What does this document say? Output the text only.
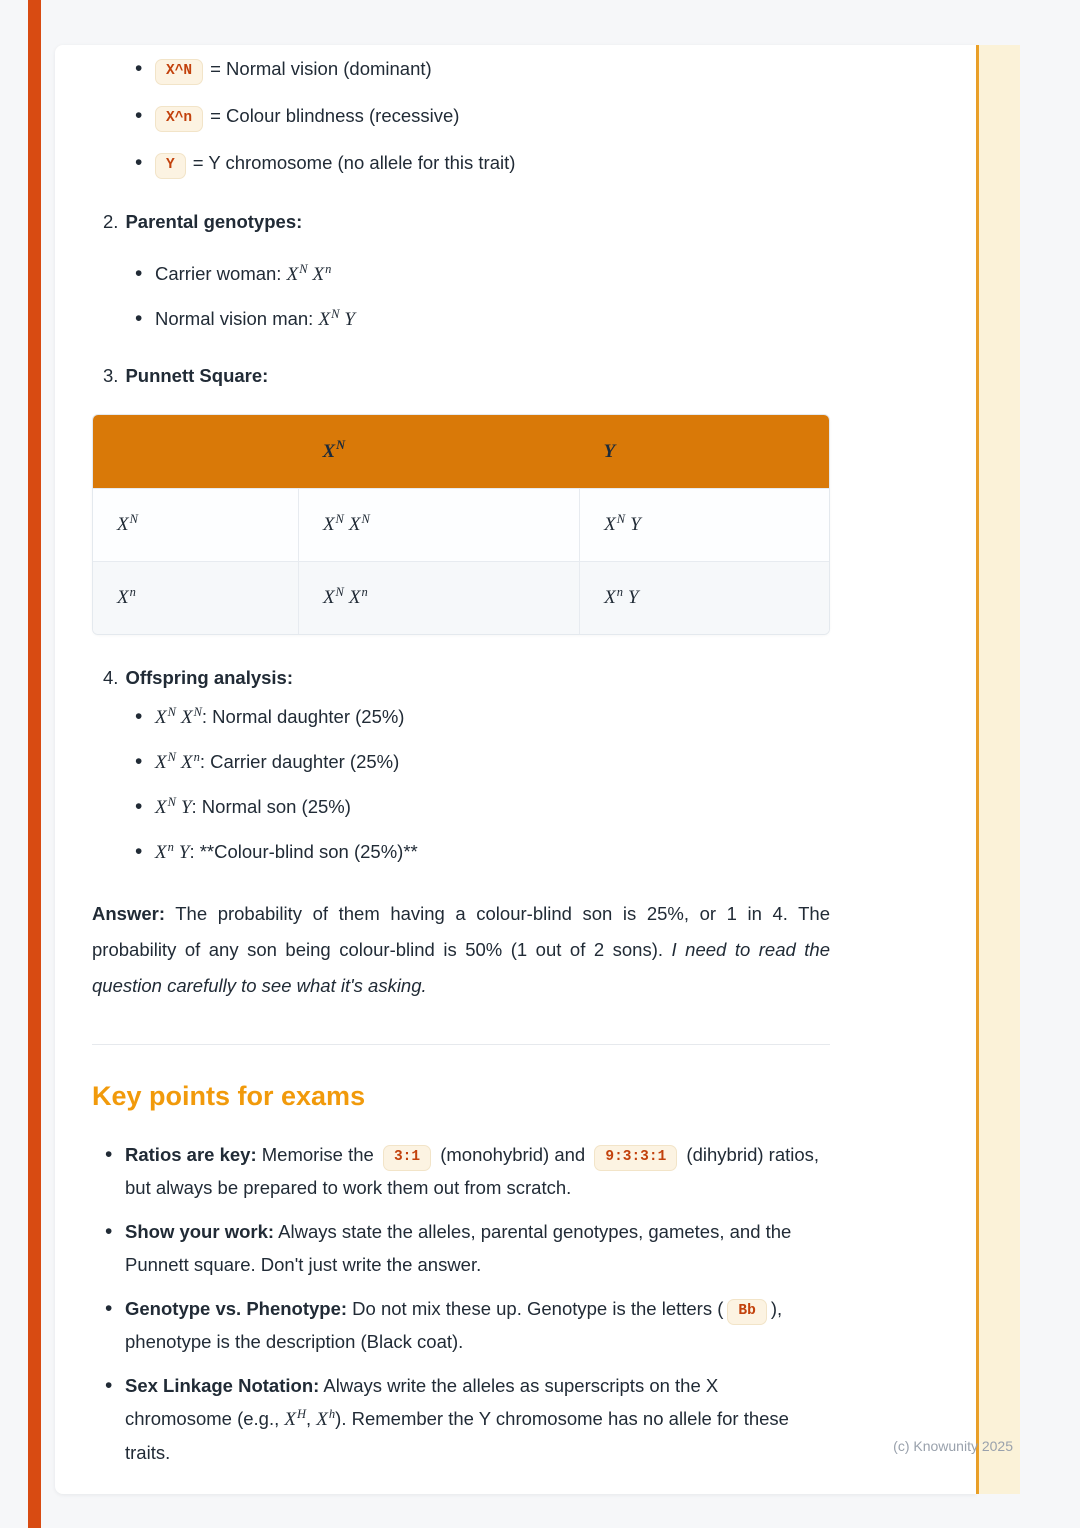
• X^N = Normal vision (dominant)
• X^n = Colour blindness (recessive)
• Y = Y chromosome (no allele for this trait)
2. Parental genotypes:
• Carrier woman: $X^N$ $X^n$
• Normal vision man: $X^N$ Y
3. Punnett Square:
	$X^N$	Y
$X^N$	$X^N$ $X^N$	$X^N$ Y
$X^n$	$X^N$ $X^n$	$X^n$ Y
4. Offspring analysis:
• $X^N$ $X^N$: Normal daughter (25%)
• $X^N$ $X^n$: Carrier daughter (25%)
• $X^N$ Y: Normal son (25%)
• $X^n$ Y: **Colour-blind son (25%)**

Answer: The probability of them having a colour-blind son is 25%, or 1 in 4. The probability of any son being colour-blind is 50% (1 out of 2 sons). I need to read the question carefully to see what it's asking.

Key points for exams
• Ratios are key: Memorise the 3:1 (monohybrid) and 9:3:3:1 (dihybrid) ratios, but always be prepared to work them out from scratch.
• Show your work: Always state the alleles, parental genotypes, gametes, and the Punnett square. Don't just write the answer.
• Genotype vs. Phenotype: Do not mix these up. Genotype is the letters ( Bb ), phenotype is the description (Black coat).
• Sex Linkage Notation: Always write the alleles as superscripts on the X chromosome (e.g., $X^H$, $X^h$). Remember the Y chromosome has no allele for these traits.	(c) Knowunity 2025
